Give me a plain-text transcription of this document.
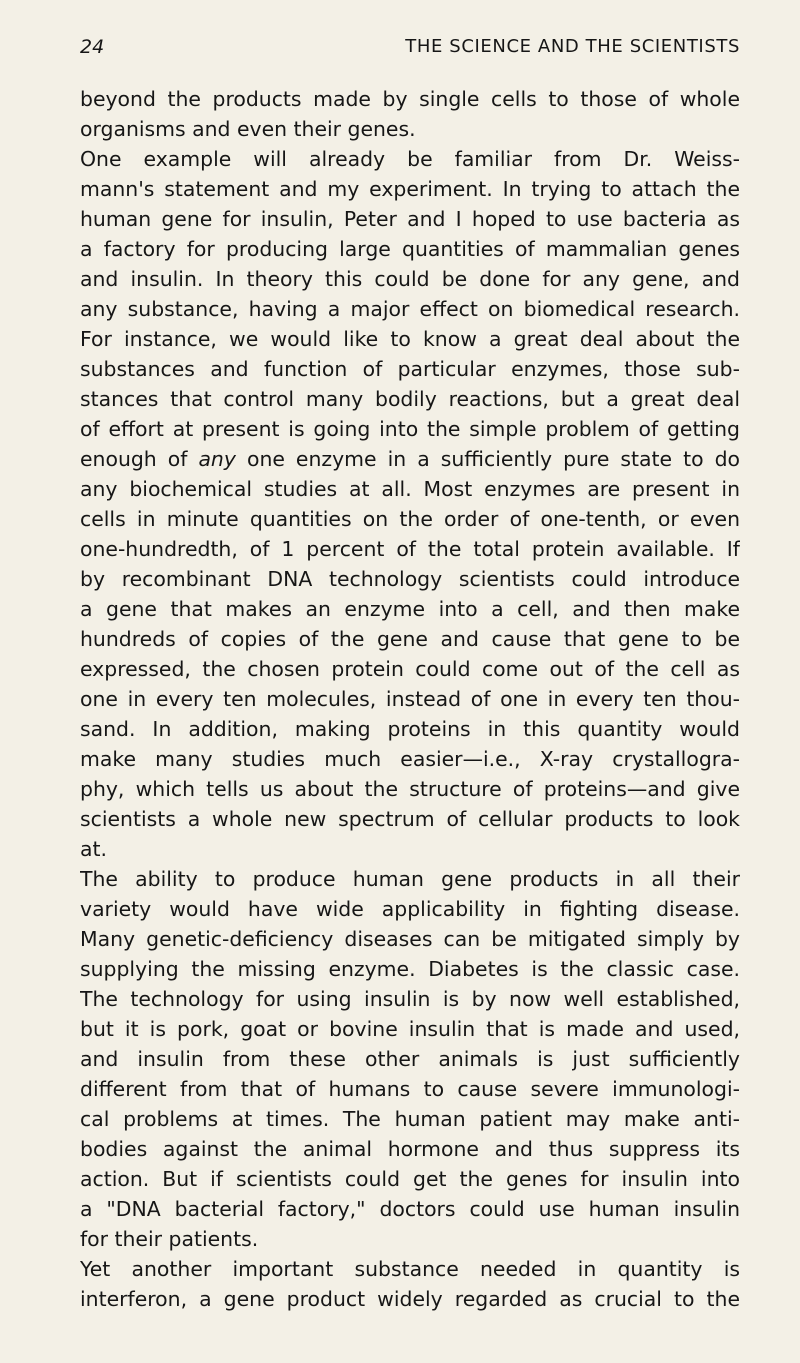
24	THE SCIENCE AND THE SCIENTISTS
beyond the products made by single cells to those of whole
organisms and even their genes.
One example will already be familiar from Dr. Weiss-
mann's statement and my experiment. In trying to attach the
human gene for insulin, Peter and I hoped to use bacteria as
a factory for producing large quantities of mammalian genes
and insulin. In theory this could be done for any gene, and
any substance, having a major effect on biomedical research.
For instance, we would like to know a great deal about the
substances and function of particular enzymes, those sub-
stances that control many bodily reactions, but a great deal
of effort at present is going into the simple problem of getting
enough of any one enzyme in a sufficiently pure state to do
any biochemical studies at all. Most enzymes are present in
cells in minute quantities on the order of one-tenth, or even
one-hundredth, of 1 percent of the total protein available. If
by recombinant DNA technology scientists could introduce
a gene that makes an enzyme into a cell, and then make
hundreds of copies of the gene and cause that gene to be
expressed, the chosen protein could come out of the cell as
one in every ten molecules, instead of one in every ten thou-
sand. In addition, making proteins in this quantity would
make many studies much easier—i.e., X-ray crystallogra-
phy, which tells us about the structure of proteins—and give
scientists a whole new spectrum of cellular products to look
at.
The ability to produce human gene products in all their
variety would have wide applicability in fighting disease.
Many genetic-deficiency diseases can be mitigated simply by
supplying the missing enzyme. Diabetes is the classic case.
The technology for using insulin is by now well established,
but it is pork, goat or bovine insulin that is made and used,
and insulin from these other animals is just sufficiently
different from that of humans to cause severe immunologi-
cal problems at times. The human patient may make anti-
bodies against the animal hormone and thus suppress its
action. But if scientists could get the genes for insulin into
a "DNA bacterial factory," doctors could use human insulin
for their patients.
Yet another important substance needed in quantity is
interferon, a gene product widely regarded as crucial to the
